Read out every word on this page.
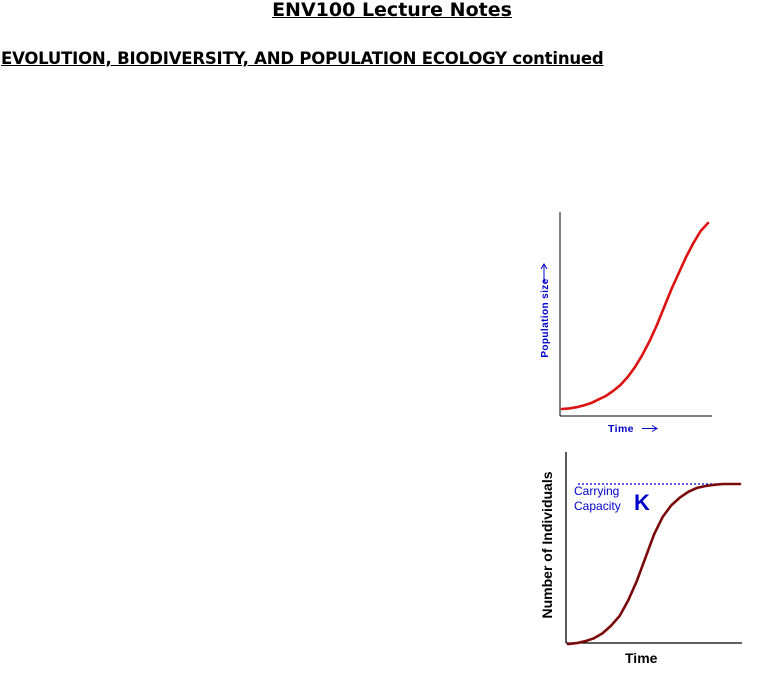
ENV100 Lecture Notes
EVOLUTION, BIODIVERSITY, AND POPULATION ECOLOGY continued
Population size
Time
Number of Individuals
Time
Carrying
Capacity K
